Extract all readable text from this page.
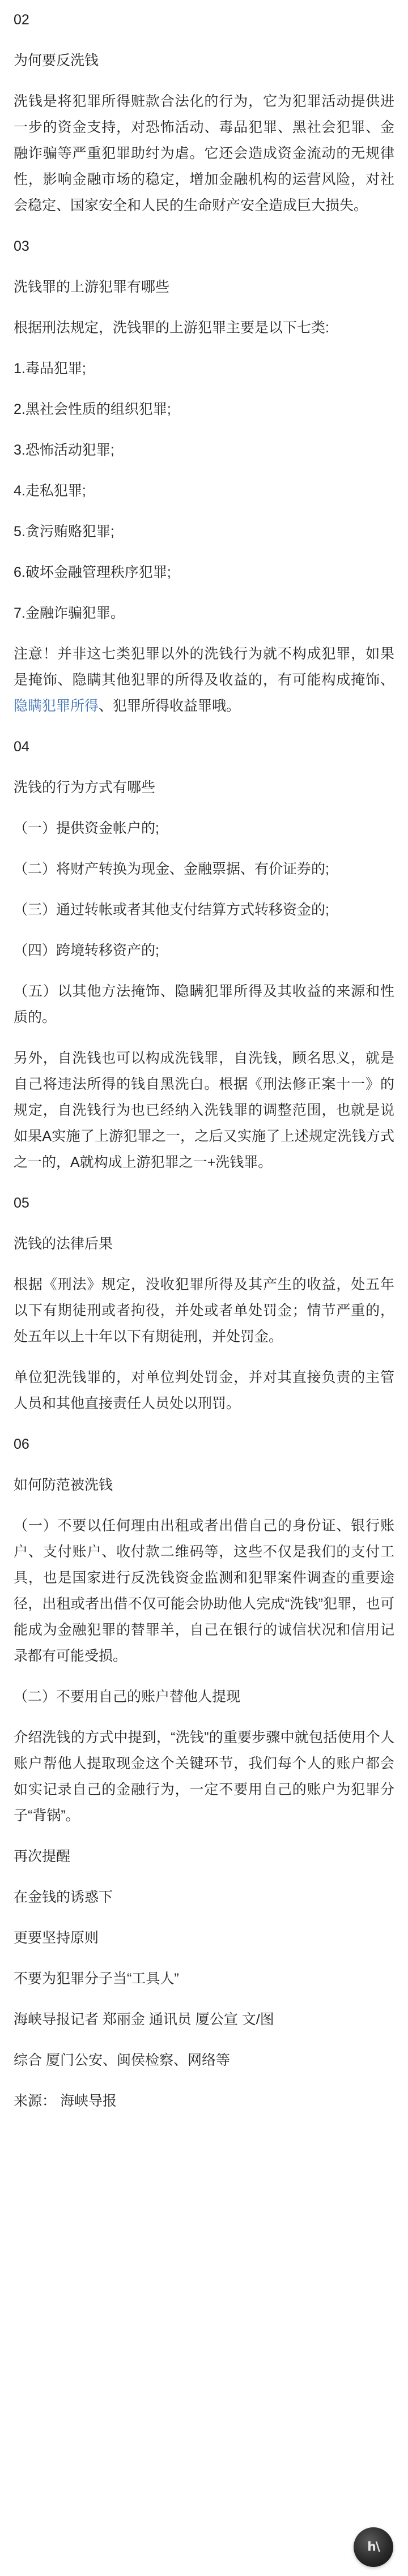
02

为何要反洗钱

洗钱是将犯罪所得赃款合法化的行为，它为犯罪活动提供进一步的资金支持，对恐怖活动、毒品犯罪、黑社会犯罪、金融诈骗等严重犯罪助纣为虐。它还会造成资金流动的无规律性，影响金融市场的稳定，增加金融机构的运营风险，对社会稳定、国家安全和人民的生命财产安全造成巨大损失。

03

洗钱罪的上游犯罪有哪些

根据刑法规定，洗钱罪的上游犯罪主要是以下七类:

1.毒品犯罪;

2.黑社会性质的组织犯罪;

3.恐怖活动犯罪;

4.走私犯罪;

5.贪污贿赂犯罪;

6.破坏金融管理秩序犯罪;

7.金融诈骗犯罪。

注意！并非这七类犯罪以外的洗钱行为就不构成犯罪，如果是掩饰、隐瞒其他犯罪的所得及收益的，有可能构成掩饰、隐瞒犯罪所得、犯罪所得收益罪哦。

04

洗钱的行为方式有哪些

（一）提供资金帐户的;

（二）将财产转换为现金、金融票据、有价证券的;

（三）通过转帐或者其他支付结算方式转移资金的;

（四）跨境转移资产的;

（五）以其他方法掩饰、隐瞒犯罪所得及其收益的来源和性质的。

另外，自洗钱也可以构成洗钱罪，自洗钱，顾名思义，就是自己将违法所得的钱自黑洗白。根据《刑法修正案十一》的规定，自洗钱行为也已经纳入洗钱罪的调整范围，也就是说如果A实施了上游犯罪之一，之后又实施了上述规定洗钱方式之一的，A就构成上游犯罪之一+洗钱罪。

05

洗钱的法律后果

根据《刑法》规定，没收犯罪所得及其产生的收益，处五年以下有期徒刑或者拘役，并处或者单处罚金；情节严重的，处五年以上十年以下有期徒刑，并处罚金。

单位犯洗钱罪的，对单位判处罚金，并对其直接负责的主管人员和其他直接责任人员处以刑罚。

06

如何防范被洗钱

（一）不要以任何理由出租或者出借自己的身份证、银行账户、支付账户、收付款二维码等，这些不仅是我们的支付工具，也是国家进行反洗钱资金监测和犯罪案件调查的重要途径，出租或者出借不仅可能会协助他人完成“洗钱”犯罪，也可能成为金融犯罪的替罪羊，自己在银行的诚信状况和信用记录都有可能受损。

（二）不要用自己的账户替他人提现

介绍洗钱的方式中提到，“洗钱”的重要步骤中就包括使用个人账户帮他人提取现金这个关键环节，我们每个人的账户都会如实记录自己的金融行为，一定不要用自己的账户为犯罪分子“背锅”。

再次提醒

在金钱的诱惑下

更要坚持原则

不要为犯罪分子当“工具人”

海峡导报记者 郑丽金 通讯员 厦公宣 文/图

综合 厦门公安、闽侯检察、网络等

来源： 海峡导报

h\
